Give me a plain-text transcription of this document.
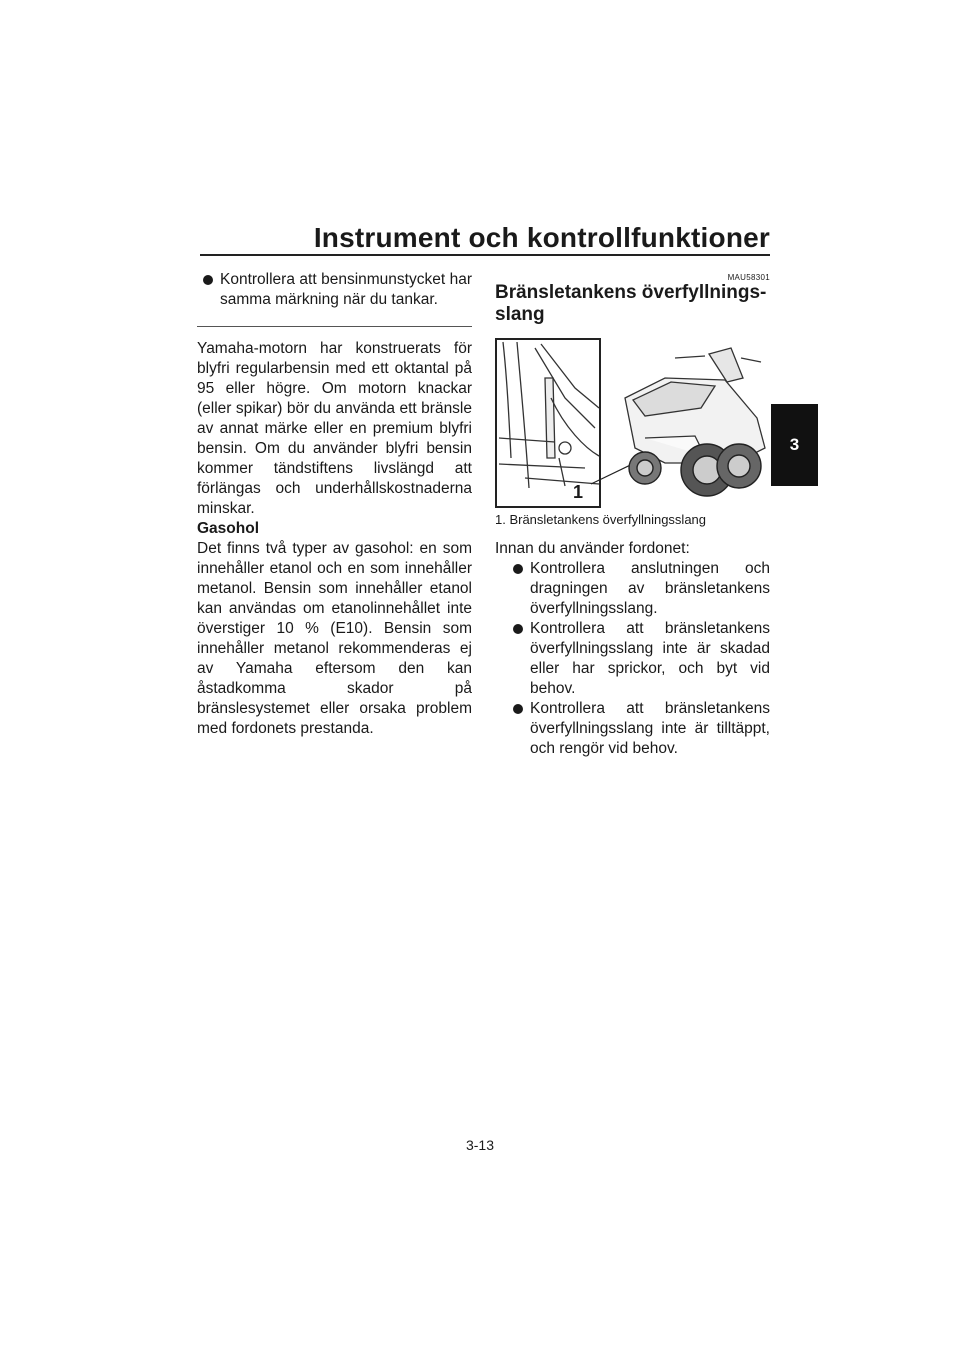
Instrument och kontrollfunktioner
3
Kontrollera att bensinmunstycket har samma märkning när du tankar.

Yamaha-motorn har konstruerats för blyfri regularbensin med ett oktantal på 95 eller högre. Om motorn knackar (eller spikar) bör du använda ett bränsle av annat märke eller en premium blyfri bensin. Om du använder blyfri bensin kommer tändstiftens livslängd att förlängas och underhållskostnaderna minskar.

Gasohol

Det finns två typer av gasohol: en som innehåller etanol och en som innehåller metanol. Bensin som innehåller etanol kan användas om etanolinnehållet inte överstiger 10 % (E10). Bensin som innehåller metanol rekommenderas ej av Yamaha eftersom den kan åstadkomma skador på bränslesystemet eller orsaka problem med fordonets prestanda.

MAU58301
Bränsletankens överfyllnings-slang
1
1. Bränsletankens överfyllningsslang

Innan du använder fordonet:

Kontrollera anslutningen och dragningen av bränsletankens överfyllningsslang.
Kontrollera att bränsletankens överfyllningsslang inte är skadad eller har sprickor, och byt vid behov.
Kontrollera att bränsletankens överfyllningsslang inte är tilltäppt, och rengör vid behov.
3-13
